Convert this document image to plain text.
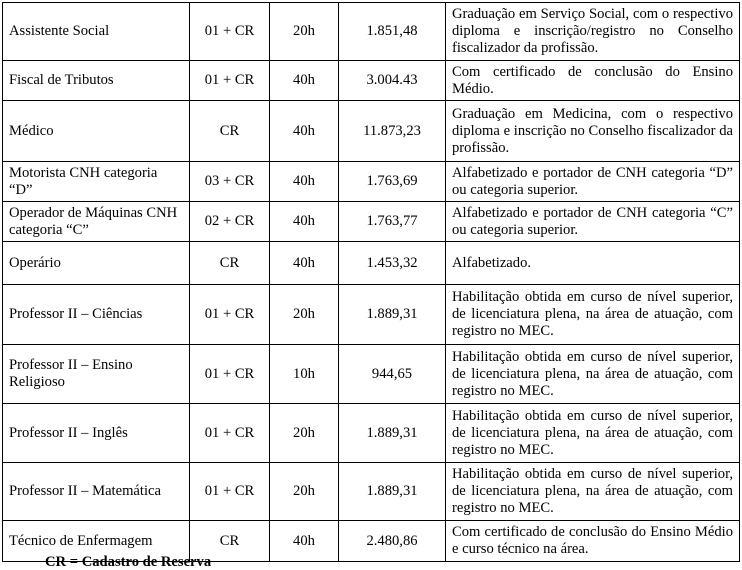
Assistente Social	01 + CR	20h	1.851,48	Graduação em Serviço Social, com o respectivo diploma e inscrição/registro no Conselho fiscalizador da profissão.
Fiscal de Tributos	01 + CR	40h	3.004.43	Com certificado de conclusão do Ensino Médio.
Médico	CR	40h	11.873,23	Graduação em Medicina, com o respectivo diploma e inscrição no Conselho fiscalizador da profissão.
Motorista CNH categoria “D”	03 + CR	40h	1.763,69	Alfabetizado e portador de CNH categoria “D” ou categoria superior.
Operador de Máquinas CNH categoria “C”	02 + CR	40h	1.763,77	Alfabetizado e portador de CNH categoria “C” ou categoria superior.
Operário	CR	40h	1.453,32	Alfabetizado.
Professor II – Ciências	01 + CR	20h	1.889,31	Habilitação obtida em curso de nível superior, de licenciatura plena, na área de atuação, com registro no MEC.
Professor II – Ensino Religioso	01 + CR	10h	944,65	Habilitação obtida em curso de nível superior, de licenciatura plena, na área de atuação, com registro no MEC.
Professor II – Inglês	01 + CR	20h	1.889,31	Habilitação obtida em curso de nível superior, de licenciatura plena, na área de atuação, com registro no MEC.
Professor II – Matemática	01 + CR	20h	1.889,31	Habilitação obtida em curso de nível superior, de licenciatura plena, na área de atuação, com registro no MEC.
Técnico de Enfermagem	CR	40h	2.480,86	Com certificado de conclusão do Ensino Médio e curso técnico na área.
CR = Cadastro de Reserva
